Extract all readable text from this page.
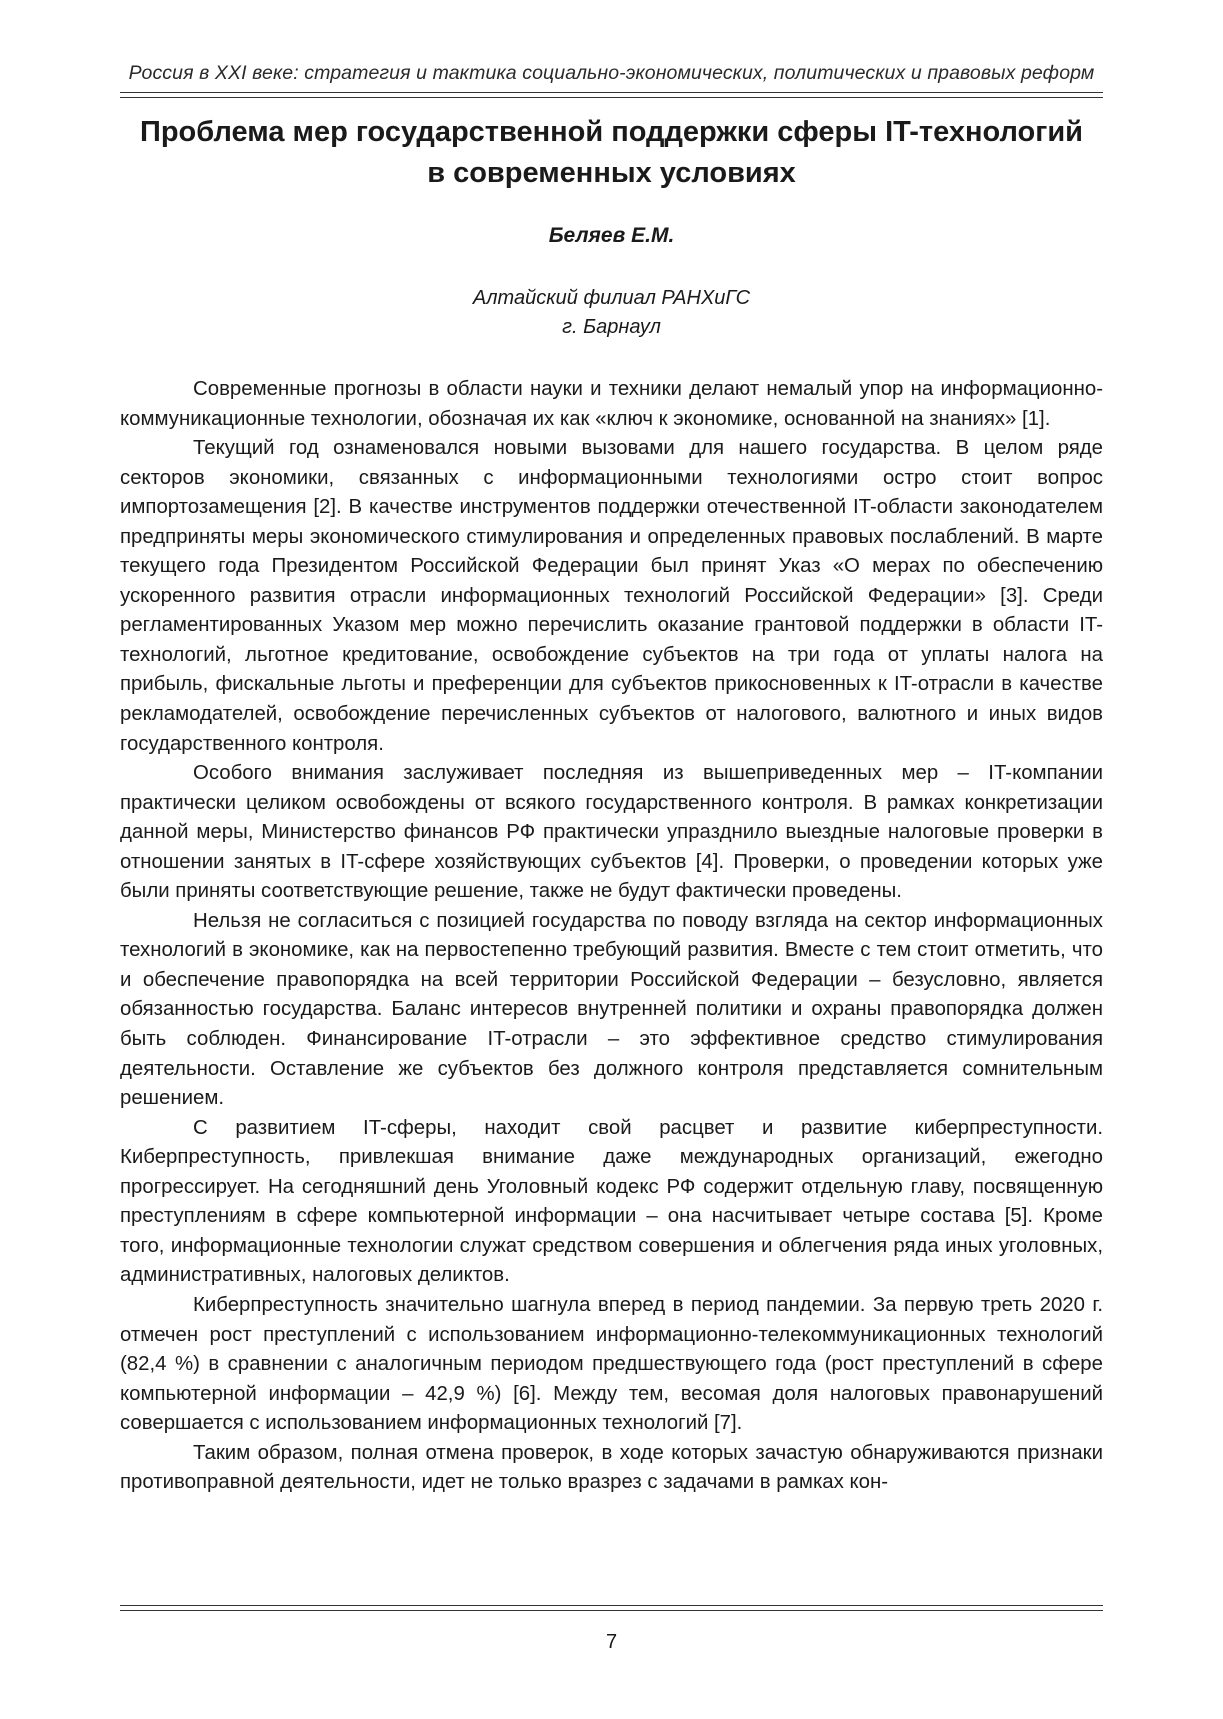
Россия в XXI веке: стратегия и тактика социально-экономических, политических и правовых реформ
Проблема мер государственной поддержки сферы IT-технологий
в современных условиях
Беляев Е.М.
Алтайский филиал РАНХиГС
г. Барнаул

Современные прогнозы в области науки и техники делают немалый упор на информационно-коммуникационные технологии, обозначая их как «ключ к экономике, основанной на знаниях» [1].

Текущий год ознаменовался новыми вызовами для нашего государства. В целом ряде секторов экономики, связанных с информационными технологиями остро стоит вопрос импортозамещения [2]. В качестве инструментов поддержки отечественной IT-области законодателем предприняты меры экономического стимулирования и определенных правовых послаблений. В марте текущего года Президентом Российской Федерации был принят Указ «О мерах по обеспечению ускоренного развития отрасли информационных технологий Российской Федерации» [3]. Среди регламентированных Указом мер можно перечислить оказание грантовой поддержки в области IT-технологий, льготное кредитование, освобождение субъектов на три года от уплаты налога на прибыль, фискальные льготы и преференции для субъектов прикосновенных к IT-отрасли в качестве рекламодателей, освобождение перечисленных субъектов от налогового, валютного и иных видов государственного контроля.

Особого внимания заслуживает последняя из вышеприведенных мер – IT-компании практически целиком освобождены от всякого государственного контроля. В рамках конкретизации данной меры, Министерство финансов РФ практически упразднило выездные налоговые проверки в отношении занятых в IT-сфере хозяйствующих субъектов [4]. Проверки, о проведении которых уже были приняты соответствующие решение, также не будут фактически проведены.

Нельзя не согласиться с позицией государства по поводу взгляда на сектор информационных технологий в экономике, как на первостепенно требующий развития. Вместе с тем стоит отметить, что и обеспечение правопорядка на всей территории Российской Федерации – безусловно, является обязанностью государства. Баланс интересов внутренней политики и охраны правопорядка должен быть соблюден. Финансирование IT-отрасли – это эффективное средство стимулирования деятельности. Оставление же субъектов без должного контроля представляется сомнительным решением.

С развитием IT-сферы, находит свой расцвет и развитие киберпреступности. Киберпреступность, привлекшая внимание даже международных организаций, ежегодно прогрессирует. На сегодняшний день Уголовный кодекс РФ содержит отдельную главу, посвященную преступлениям в сфере компьютерной информации – она насчитывает четыре состава [5]. Кроме того, информационные технологии служат средством совершения и облегчения ряда иных уголовных, административных, налоговых деликтов.

Киберпреступность значительно шагнула вперед в период пандемии. За первую треть 2020 г. отмечен рост преступлений с использованием информационно-телекоммуникационных технологий (82,4 %) в сравнении с аналогичным периодом предшествующего года (рост преступлений в сфере компьютерной информации – 42,9 %) [6]. Между тем, весомая доля налоговых правонарушений совершается с использованием информационных технологий [7].

Таким образом, полная отмена проверок, в ходе которых зачастую обнаруживаются признаки противоправной деятельности, идет не только вразрез с задачами в рамках кон-

7
